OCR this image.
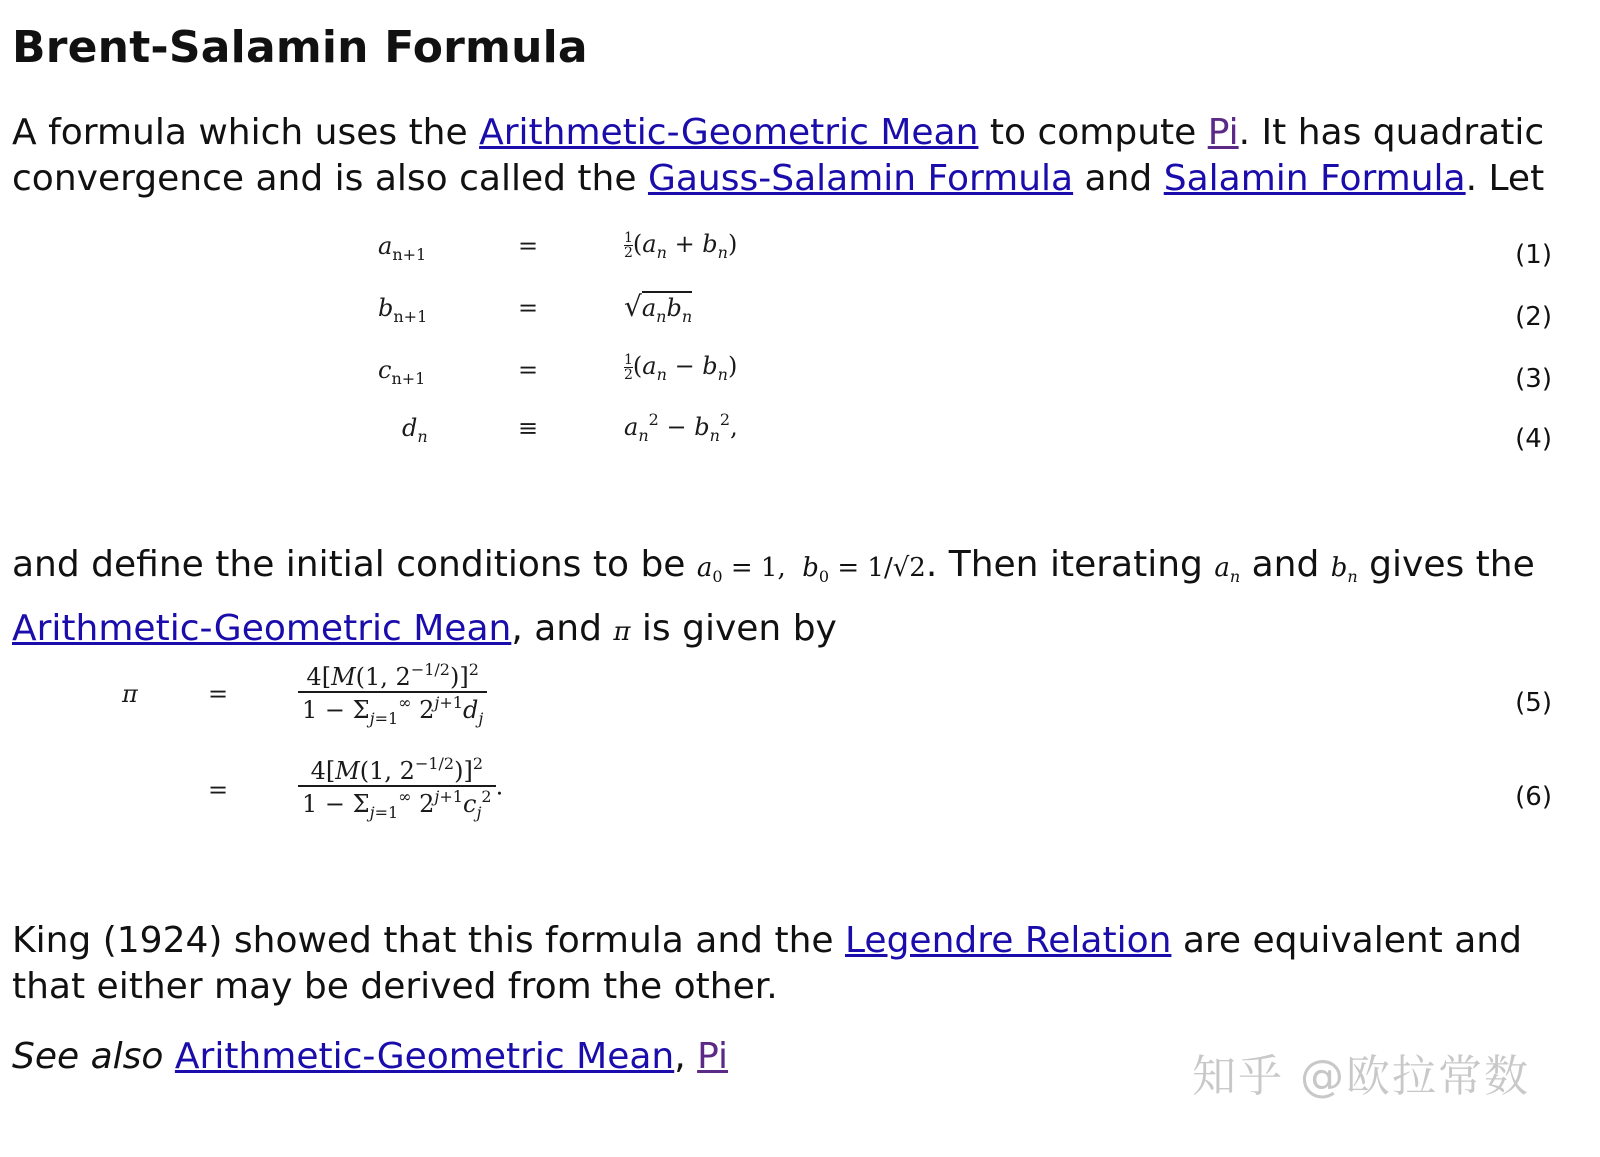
Brent-Salamin Formula
A formula which uses the Arithmetic-Geometric Mean to compute Pi. It has quadratic
convergence and is also called the Gauss-Salamin Formula and Salamin Formula. Let
$a_{n+1}$	=	$\frac{1}{2} (a_n + b_n)$	(1)
$b_{n+1}$	=	$√a_nb_n$	(2)
$c_{n+1}$	=	$\frac{1}{2} (a_n - b_n)$	(3)
$d_n$	≡	$a_n^2 - b_n^2$,	(4)
and define the initial conditions to be $a_0 = 1$,  $b_0 = 1/√2$. Then iterating $a_n$ and $b_n$ gives the
Arithmetic-Geometric Mean, and π is given by
π	=	$\frac{4[M(1, 2^{-1/2})]^2}{1 - \Sigma_{j=1}^\infty 2^{j+1}d_j}$	(5)
=	$\frac{4[M(1, 2^{-1/2})]^2}{1 - \Sigma_{j=1}^\infty 2^{j+1}c_j^2}$ .	(6)
King (1924) showed that this formula and the Legendre Relation are equivalent and
that either may be derived from the other.
See also Arithmetic-Geometric Mean, Pi	知乎 @欧拉常数
